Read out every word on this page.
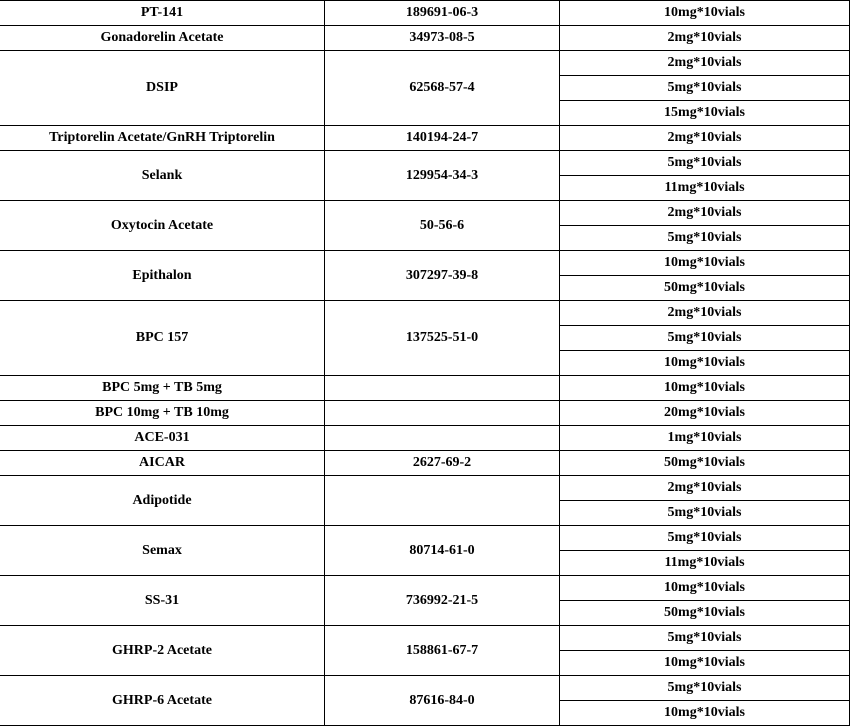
PT-141	189691-06-3	10mg*10vials
Gonadorelin Acetate	34973-08-5	2mg*10vials
DSIP	62568-57-4	2mg*10vials
		5mg*10vials
		15mg*10vials
Triptorelin Acetate/GnRH Triptorelin	140194-24-7	2mg*10vials
Selank	129954-34-3	5mg*10vials
		11mg*10vials
Oxytocin Acetate	50-56-6	2mg*10vials
		5mg*10vials
Epithalon	307297-39-8	10mg*10vials
		50mg*10vials
BPC 157	137525-51-0	2mg*10vials
		5mg*10vials
		10mg*10vials
BPC 5mg + TB 5mg		10mg*10vials
BPC 10mg + TB 10mg		20mg*10vials
ACE-031		1mg*10vials
AICAR	2627-69-2	50mg*10vials
Adipotide		2mg*10vials
		5mg*10vials
Semax	80714-61-0	5mg*10vials
		11mg*10vials
SS-31	736992-21-5	10mg*10vials
		50mg*10vials
GHRP-2 Acetate	158861-67-7	5mg*10vials
		10mg*10vials
GHRP-6 Acetate	87616-84-0	5mg*10vials
		10mg*10vials
